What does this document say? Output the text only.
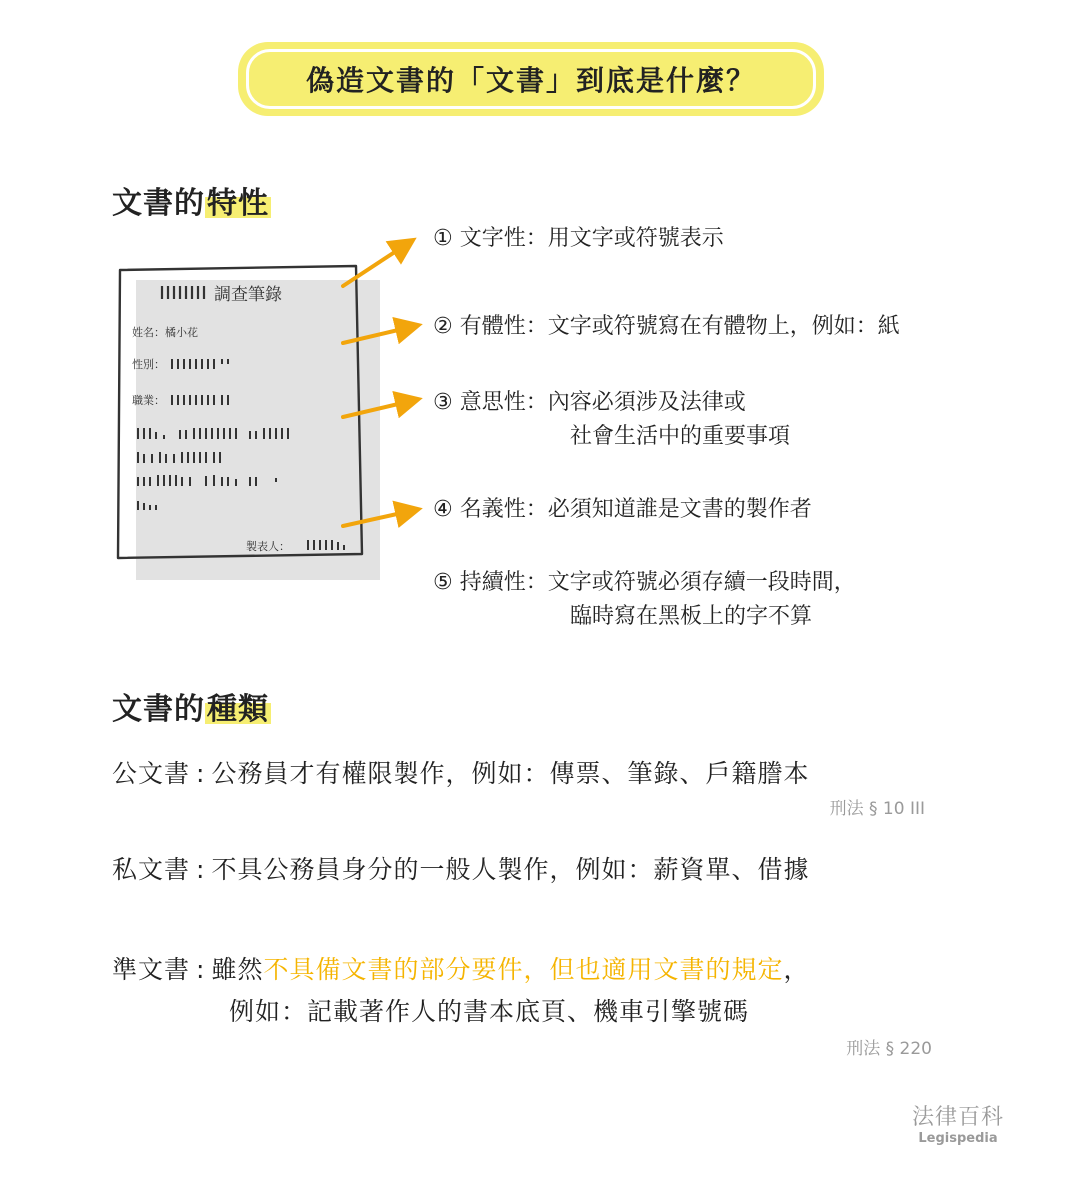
偽造文書的「文書」到底是什麼？
文書的特性
調查筆錄
姓名：橘小花
性別：
職業：
製表人：
① 文字性：用文字或符號表示
② 有體性：文字或符號寫在有體物上，例如：紙
③ 意思性：內容必須涉及法律或
社會生活中的重要事項
④ 名義性：必須知道誰是文書的製作者
⑤ 持續性：文字或符號必須存續一段時間，
臨時寫在黑板上的字不算
文書的種類
公文書 : 公務員才有權限製作，例如：傳票、筆錄、戶籍謄本
刑法 § 10 III
私文書 : 不具公務員身分的一般人製作，例如：薪資單、借據
準文書 : 雖然不具備文書的部分要件，但也適用文書的規定，
例如：記載著作人的書本底頁、機車引擎號碼
刑法 § 220
法律百科
Legispedia
